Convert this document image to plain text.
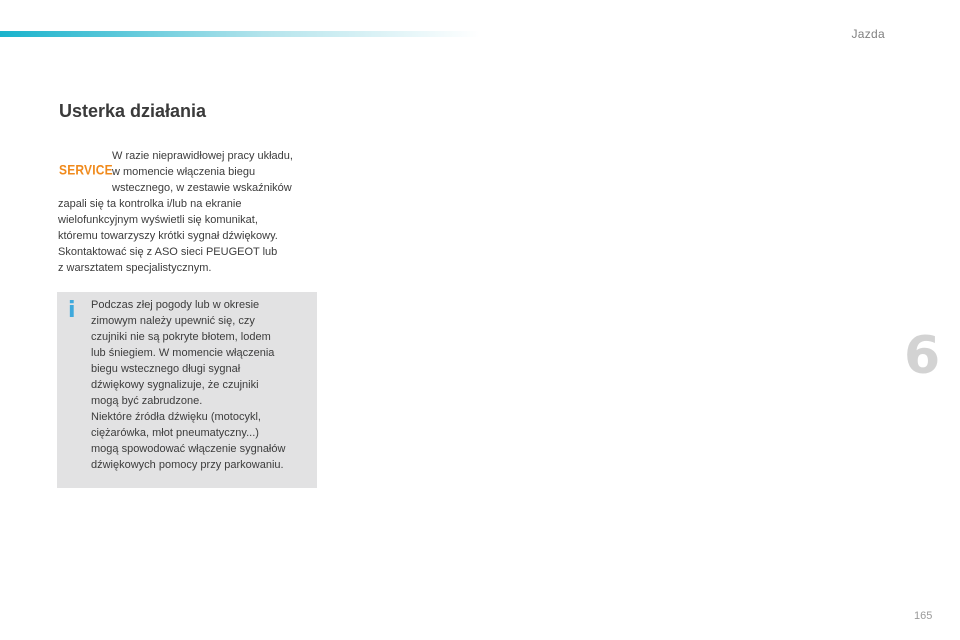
Jazda
Usterka działania
SERVICE
W razie nieprawidłowej pracy układu,
w momencie włączenia biegu
wstecznego, w zestawie wskaźników
zapali się ta kontrolka i/lub na ekranie
wielofunkcyjnym wyświetli się komunikat,
któremu towarzyszy krótki sygnał dźwiękowy.
Skontaktować się z ASO sieci PEUGEOT lub
z warsztatem specjalistycznym.
i Podczas złej pogody lub w okresie
zimowym należy upewnić się, czy
czujniki nie są pokryte błotem, lodem
lub śniegiem. W momencie włączenia
biegu wstecznego długi sygnał
dźwiękowy sygnalizuje, że czujniki
mogą być zabrudzone.
Niektóre źródła dźwięku (motocykl,
ciężarówka, młot pneumatyczny...)
mogą spowodować włączenie sygnałów
dźwiękowych pomocy przy parkowaniu.
6
165
